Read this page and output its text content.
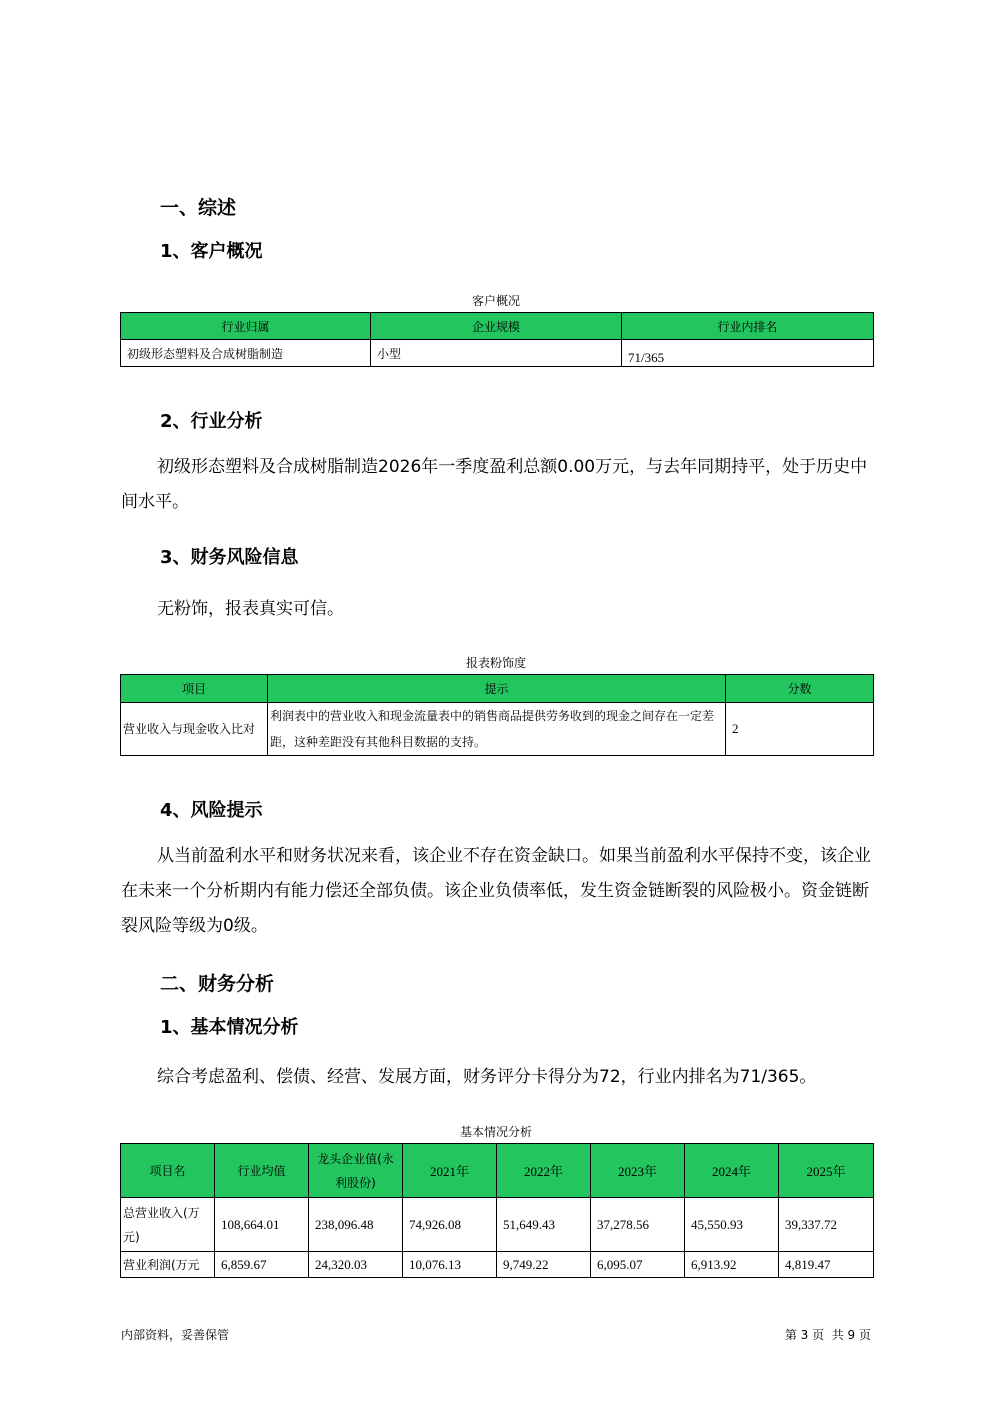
一、综述
1、客户概况
客户概况
行业归属	企业规模	行业内排名
初级形态塑料及合成树脂制造	小型	71/365
2、行业分析
初级形态塑料及合成树脂制造2026年一季度盈利总额0.00万元，与去年同期持平，处于历史中间水平。
3、财务风险信息
无粉饰，报表真实可信。
报表粉饰度
项目	提示	分数
营业收入与现金收入比对	利润表中的营业收入和现金流量表中的销售商品提供劳务收到的现金之间存在一定差距，这种差距没有其他科目数据的支持。	2
4、风险提示
从当前盈利水平和财务状况来看，该企业不存在资金缺口。如果当前盈利水平保持不变，该企业在未来一个分析期内有能力偿还全部负债。该企业负债率低，发生资金链断裂的风险极小。资金链断裂风险等级为0级。
二、财务分析
1、基本情况分析
综合考虑盈利、偿债、经营、发展方面，财务评分卡得分为72，行业内排名为71/365。
基本情况分析
项目名	行业均值	龙头企业值(永利股份)	2021年	2022年	2023年	2024年	2025年
总营业收入(万元)	108,664.01	238,096.48	74,926.08	51,649.43	37,278.56	45,550.93	39,337.72
营业利润(万元	6,859.67	24,320.03	10,076.13	9,749.22	6,095.07	6,913.92	4,819.47
内部资料，妥善保管	第 3 页  共 9 页
